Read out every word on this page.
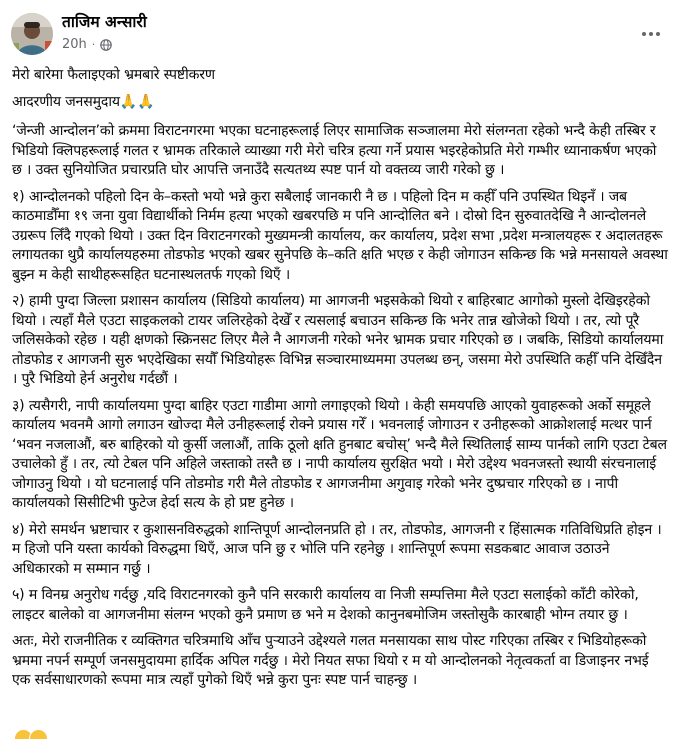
ताजिम अन्सारी
20h ·

मेरो बारेमा फैलाइएको भ्रमबारे स्पष्टीकरण

आदरणीय जनसमुदाय🙏🙏

‘जेन्जी आन्दोलन’को क्रममा विराटनगरमा भएका घटनाहरूलाई लिएर सामाजिक सञ्जालमा मेरो संलग्नता रहेको भन्दै केही तस्बिर र भिडियो क्लिपहरूलाई गलत र भ्रामक तरिकाले व्याख्या गरी मेरो चरित्र हत्या गर्ने प्रयास भइरहेकोप्रति मेरो गम्भीर ध्यानाकर्षण भएको छ । उक्त सुनियोजित प्रचारप्रति घोर आपत्ति जनाउँदै सत्यतथ्य स्पष्ट पार्न यो वक्तव्य जारी गरेको छु ।

१) आन्दोलनको पहिलो दिन के–कस्तो भयो भन्ने कुरा सबैलाई जानकारी नै छ । पहिलो दिन म कहीँ पनि उपस्थित थिइनँ । जब काठमाडौँमा १९ जना युवा विद्यार्थीको निर्मम हत्या भएको खबरपछि म पनि आन्दोलित बने । दोस्रो दिन सुरुवातदेखि नै आन्दोलनले उग्ररूप लिँदै गएको थियो । उक्त दिन विराटनगरको मुख्यमन्त्री कार्यालय, कर कार्यालय, प्रदेश सभा ,प्रदेश मन्त्रालयहरू र अदालतहरू लगायतका थुप्रै कार्यालयहरुमा तोडफोड भएको खबर सुनेपछि के–कति क्षति भएछ र केही जोगाउन सकिन्छ कि भन्ने मनसायले अवस्था बुझ्न म केही साथीहरूसहित घटनास्थलतर्फ गएको थिएँ ।

२) हामी पुग्दा जिल्ला प्रशासन कार्यालय (सिडियो कार्यालय) मा आगजनी भइसकेको थियो र बाहिरबाट आगोको मुस्लो देखिइरहेको थियो । त्यहाँ मैले एउटा साइकलको टायर जलिरहेको देखेँ र त्यसलाई बचाउन सकिन्छ कि भनेर तान्न खोजेको थियो । तर, त्यो पूरै जलिसकेको रहेछ । यही क्षणको स्क्रिनसट लिएर मैले नै आगजनी गरेको भनेर भ्रामक प्रचार गरिएको छ । जबकि, सिडियो कार्यालयमा तोडफोड र आगजनी सुरु भएदेखिका सयौँ भिडियोहरू विभिन्न सञ्चारमाध्यममा उपलब्ध छन्, जसमा मेरो उपस्थिति कहीँ पनि देखिँदैन । पुरै भिडियो हेर्न अनुरोध गर्दछौं ।

३) त्यसैगरी, नापी कार्यालयमा पुग्दा बाहिर एउटा गाडीमा आगो लगाइएको थियो । केही समयपछि आएको युवाहरूको अर्को समूहले कार्यालय भवनमै आगो लगाउन खोज्दा मैले उनीहरूलाई रोक्ने प्रयास गरेँ । भवनलाई जोगाउन र उनीहरूको आक्रोशलाई मत्थर पार्न ‘भवन नजलाऔं, बरु बाहिरको यो कुर्सी जलाऔं, ताकि ठूलो क्षति हुनबाट बचोस्’ भन्दै मैले स्थितिलाई साम्य पार्नको लागि एउटा टेबल उचालेको हुँ । तर, त्यो टेबल पनि अहिले जस्ताको तस्तै छ । नापी कार्यालय सुरक्षित भयो । मेरो उद्देश्य भवनजस्तो स्थायी संरचनालाई जोगाउनु थियो । यो घटनालाई पनि तोडमोड गरी मैले तोडफोड र आगजनीमा अगुवाइ गरेको भनेर दुष्प्रचार गरिएको छ । नापी कार्यालयको सिसीटिभी फुटेज हेर्दा सत्य के हो प्रष्ट हुनेछ ।

४) मेरो समर्थन भ्रष्टाचार र कुशासनविरुद्धको शान्तिपूर्ण आन्दोलनप्रति हो । तर, तोडफोड, आगजनी र हिंसात्मक गतिविधिप्रति होइन । म हिजो पनि यस्ता कार्यको विरुद्धमा थिएँ, आज पनि छु र भोलि पनि रहनेछु । शान्तिपूर्ण रूपमा सडकबाट आवाज उठाउने अधिकारको म सम्मान गर्छु ।

५) म विनम्र अनुरोध गर्दछु ,यदि विराटनगरको कुनै पनि सरकारी कार्यालय वा निजी सम्पत्तिमा मैले एउटा सलाईको काँटी कोरेको, लाइटर बालेको वा आगजनीमा संलग्न भएको कुनै प्रमाण छ भने म देशको कानुनबमोजिम जस्तोसुकै कारबाही भोग्न तयार छु ।

अतः, मेरो राजनीतिक र व्यक्तिगत चरित्रमाथि आँच पुर्‍याउने उद्देश्यले गलत मनसायका साथ पोस्ट गरिएका तस्बिर र भिडियोहरूको भ्रममा नपर्न सम्पूर्ण जनसमुदायमा हार्दिक अपिल गर्दछु । मेरो नियत सफा थियो र म यो आन्दोलनको नेतृत्वकर्ता वा डिजाइनर नभई एक सर्वसाधारणको रूपमा मात्र त्यहाँ पुगेको थिएँ भन्ने कुरा पुनः स्पष्ट पार्न चाहन्छु ।
